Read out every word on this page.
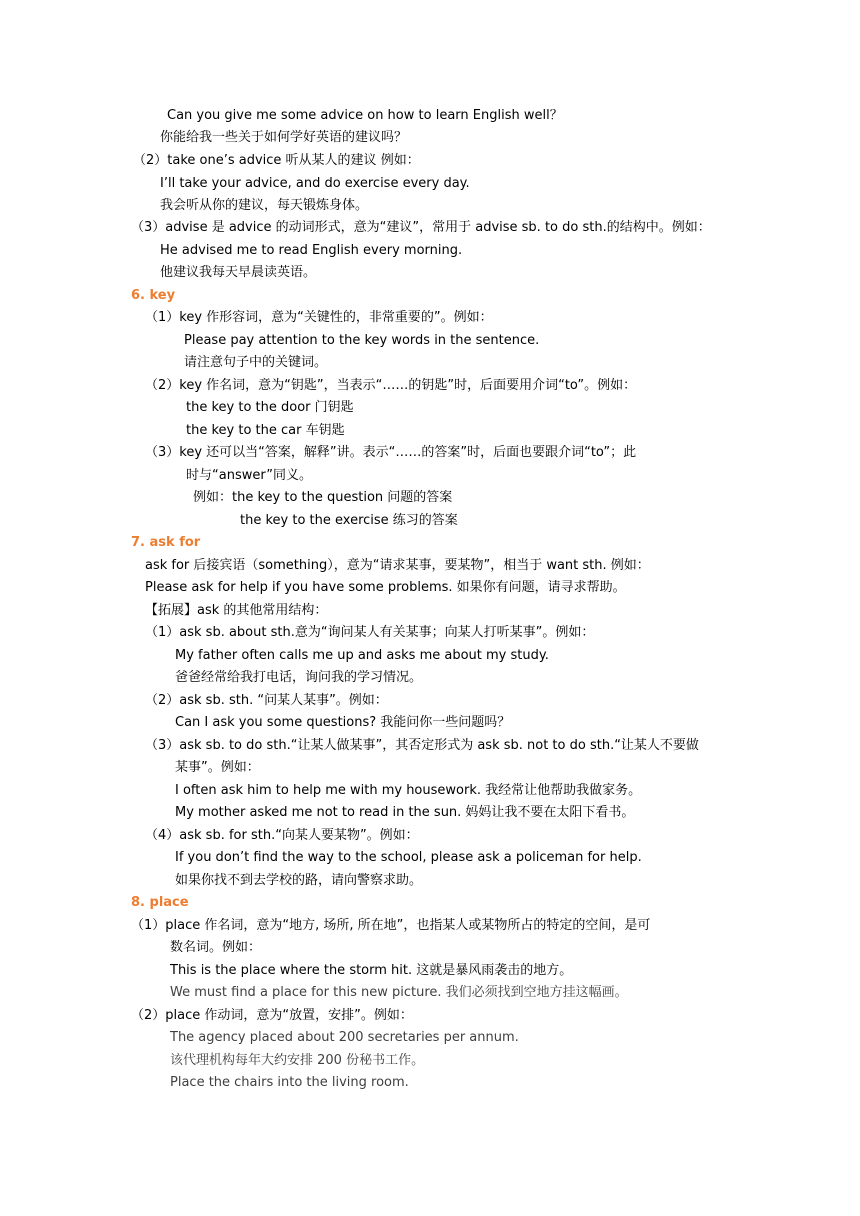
Can you give me some advice on how to learn English well？
你能给我一些关于如何学好英语的建议吗？
（2）take one’s advice 听从某人的建议 例如：
I’ll take your advice, and do exercise every day.
我会听从你的建议，每天锻炼身体。
（3）advise 是 advice 的动词形式，意为“建议”，常用于 advise sb. to do sth.的结构中。例如：
He advised me to read English every morning.
他建议我每天早晨读英语。
6. key
（1）key 作形容词，意为“关键性的，非常重要的”。例如：
Please pay attention to the key words in the sentence.
请注意句子中的关键词。
（2）key 作名词，意为“钥匙”，当表示“……的钥匙”时，后面要用介词“to”。例如：
the key to the door 门钥匙
the key to the car 车钥匙
（3）key 还可以当“答案，解释”讲。表示“……的答案”时，后面也要跟介词“to”；此
时与“answer”同义。
例如：the key to the question 问题的答案
the key to the exercise 练习的答案
7. ask for
ask for 后接宾语（something），意为“请求某事，要某物”，相当于 want sth. 例如：
Please ask for help if you have some problems. 如果你有问题，请寻求帮助。
【拓展】ask 的其他常用结构：
（1）ask sb. about sth.意为“询问某人有关某事；向某人打听某事”。例如：
My father often calls me up and asks me about my study.
爸爸经常给我打电话，询问我的学习情况。
（2）ask sb. sth. “问某人某事”。例如：
Can I ask you some questions? 我能问你一些问题吗？
（3）ask sb. to do sth.“让某人做某事”，其否定形式为 ask sb. not to do sth.“让某人不要做
某事”。例如：
I often ask him to help me with my housework. 我经常让他帮助我做家务。
My mother asked me not to read in the sun. 妈妈让我不要在太阳下看书。
（4）ask sb. for sth.“向某人要某物”。例如：
If you don’t find the way to the school, please ask a policeman for help.
如果你找不到去学校的路，请向警察求助。
8. place
（1）place 作名词，意为“地方, 场所, 所在地”，也指某人或某物所占的特定的空间，是可
数名词。例如：
This is the place where the storm hit. 这就是暴风雨袭击的地方。
We must find a place for this new picture. 我们必须找到空地方挂这幅画。
（2）place 作动词，意为“放置，安排”。例如：
The agency placed about 200 secretaries per annum.
该代理机构每年大约安排 200 份秘书工作。
Place the chairs into the living room.
